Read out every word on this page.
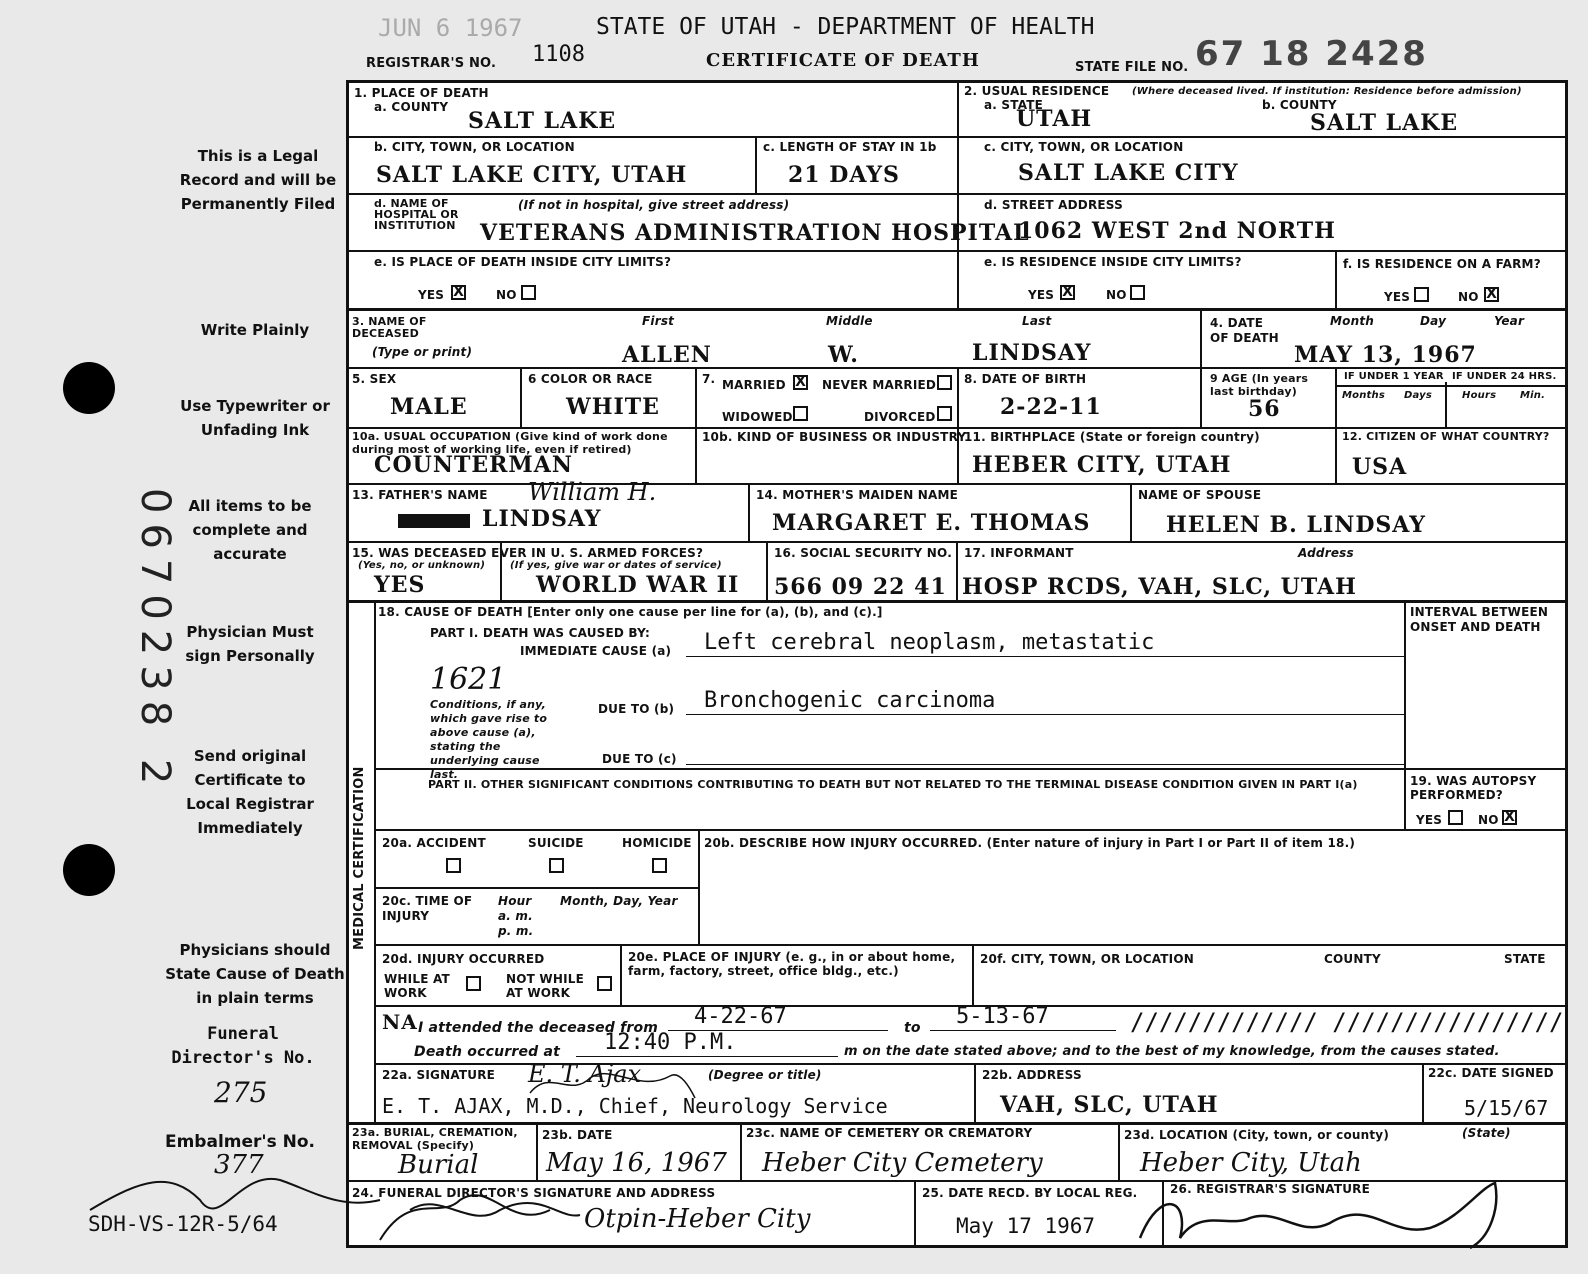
JUN 6 1967
REGISTRAR'S NO. 1108
STATE OF UTAH - DEPARTMENT OF HEALTH
CERTIFICATE OF DEATH	STATE FILE NO. 67 18 2428
This is a Legal Record and will be Permanently Filed
Write Plainly
Use Typewriter or Unfading Ink
All items to be complete and accurate
Physician Must sign Personally
Send original Certificate to Local Registrar Immediately
Physicians should State Cause of Death in plain terms
Funeral Director's No.
275
Embalmer's No.
377
SDH-VS-12R-5/64
0670238 2
1. PLACE OF DEATH
a. COUNTY
SALT LAKE
b. CITY, TOWN, OR LOCATION
SALT LAKE CITY, UTAH
c. LENGTH OF STAY IN 1b
21 DAYS
d. NAME OF HOSPITAL OR INSTITUTION
(If not in hospital, give street address)
VETERANS ADMINISTRATION HOSPITAL
e. IS PLACE OF DEATH INSIDE CITY LIMITS?
YES X	NO
2. USUAL RESIDENCE (Where deceased lived. If institution: Residence before admission)
a. STATE
UTAH
b. COUNTY
SALT LAKE
c. CITY, TOWN, OR LOCATION
SALT LAKE CITY
d. STREET ADDRESS
1062 WEST 2nd NORTH
e. IS RESIDENCE INSIDE CITY LIMITS?
YES X	NO
f. IS RESIDENCE ON A FARM?
YES	NO X
3. NAME OF DECEASED
(Type or print)
First	Middle	Last
ALLEN	W.	LINDSAY
4. DATE OF DEATH
Month	Day	Year
MAY 13, 1967
5. SEX
MALE
6 COLOR OR RACE
WHITE
7. MARRIED X NEVER MARRIED
WIDOWED	DIVORCED
8. DATE OF BIRTH
2-22-11
9 AGE (In years last birthday)
56
IF UNDER 1 YEAR IF UNDER 24 HRS.
Months Days	Hours Min.
10a. USUAL OCCUPATION (Give kind of work done during most of working life, even if retired)
COUNTERMAN
10b. KIND OF BUSINESS OR INDUSTRY
11. BIRTHPLACE (State or foreign country)
HEBER CITY, UTAH
12. CITIZEN OF WHAT COUNTRY?
USA
13. FATHER'S NAME William H.
LINDSAY
14. MOTHER'S MAIDEN NAME
MARGARET E. THOMAS
NAME OF SPOUSE
HELEN B. LINDSAY
15. WAS DECEASED EVER IN U. S. ARMED FORCES?
(Yes, no, or unknown) (If yes, give war or dates of service)
YES	WORLD WAR II
16. SOCIAL SECURITY NO.
566 09 22 41
17. INFORMANT	Address
HOSP RCDS, VAH, SLC, UTAH
MEDICAL CERTIFICATION
18. CAUSE OF DEATH [Enter only one cause per line for (a), (b), and (c).]
PART I. DEATH WAS CAUSED BY:
IMMEDIATE CAUSE (a) Left cerebral neoplasm, metastatic
1621
Conditions, if any, which gave rise to above cause (a), stating the underlying cause last.
DUE TO (b) Bronchogenic carcinoma
DUE TO (c)
INTERVAL BETWEEN ONSET AND DEATH
PART II. OTHER SIGNIFICANT CONDITIONS CONTRIBUTING TO DEATH BUT NOT RELATED TO THE TERMINAL DISEASE CONDITION GIVEN IN PART I(a)	19. WAS AUTOPSY PERFORMED?
YES	NO X
20a. ACCIDENT	SUICIDE	HOMICIDE 20b. DESCRIBE HOW INJURY OCCURRED. (Enter nature of injury in Part I or Part II of item 18.)
20c. TIME OF INJURY
Hour a. m. p. m.
Month, Day, Year
20d. INJURY OCCURRED
WHILE AT WORK
NOT WHILE AT WORK
20e. PLACE OF INJURY (e. g., in or about home, farm, factory, street, office bldg., etc.)
20f. CITY, TOWN, OR LOCATION	COUNTY	STATE
NA I attended the deceased from 4-22-67	to 5-13-67	///////////// ////////////////
Death occurred at 12:40 P.M.	m on the date stated above; and to the best of my knowledge, from the causes stated.
22a. SIGNATURE E. T. Ajax	(Degree or title)
E. T. AJAX, M.D., Chief, Neurology Service
22b. ADDRESS
VAH, SLC, UTAH
22c. DATE SIGNED
5/15/67
23a. BURIAL, CREMATION, REMOVAL (Specify)
Burial
23b. DATE
May 16, 1967
23c. NAME OF CEMETERY OR CREMATORY
Heber City Cemetery
23d. LOCATION (City, town, or county)	(State)
Heber City, Utah
24. FUNERAL DIRECTOR'S SIGNATURE AND ADDRESS
Otpin-Heber City
25. DATE RECD. BY LOCAL REG.
May 17 1967
26. REGISTRAR'S SIGNATURE
